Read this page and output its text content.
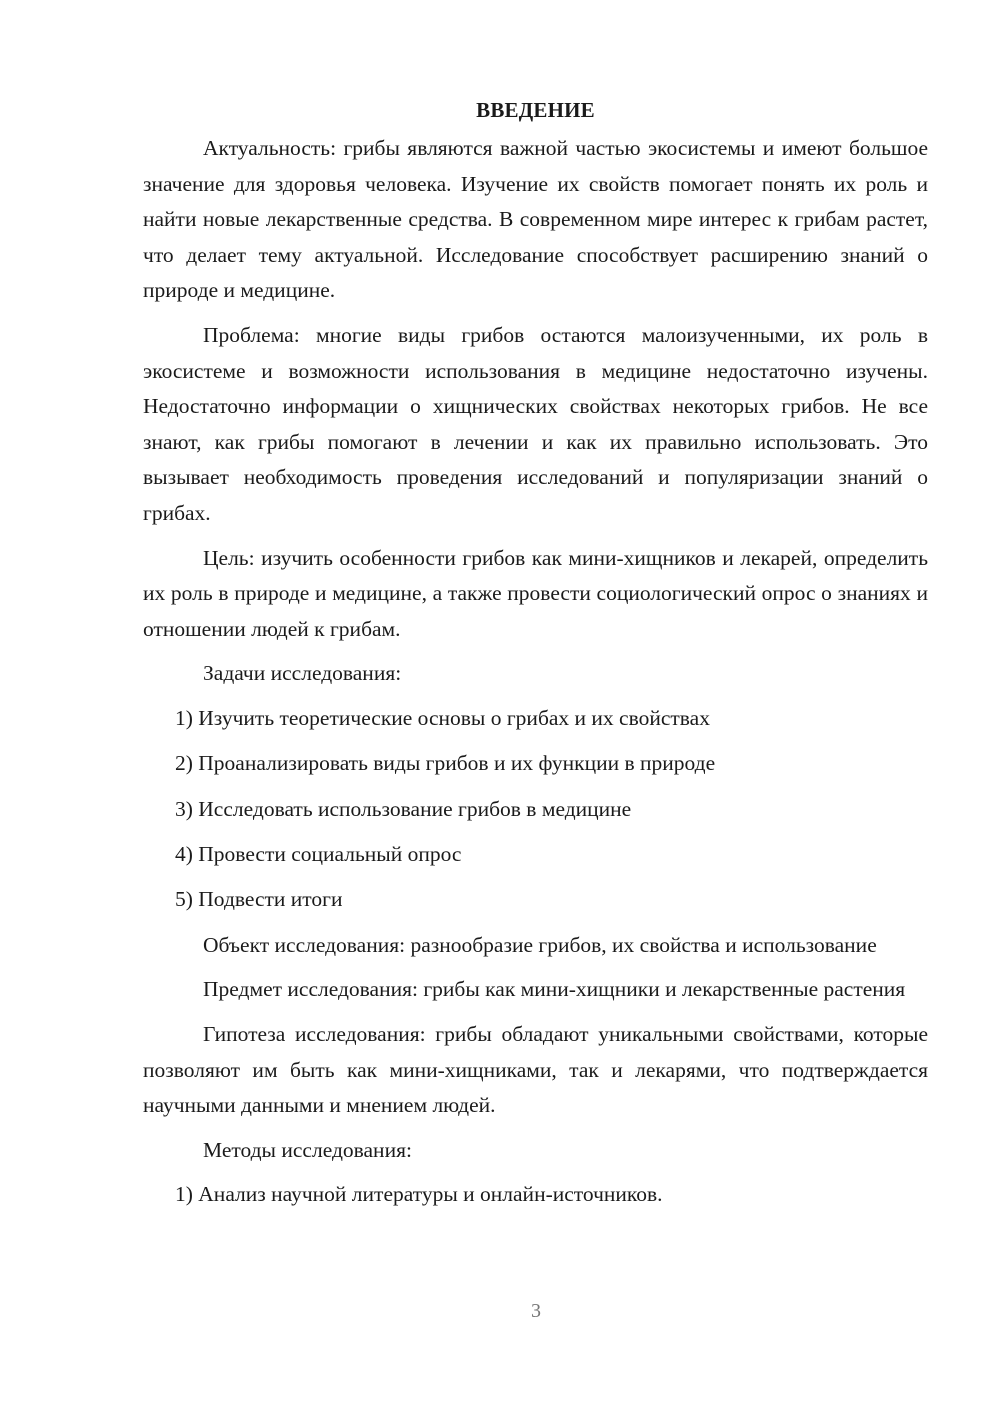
ВВЕДЕНИЕ

Актуальность: грибы являются важной частью экосистемы и имеют большое значение для здоровья человека. Изучение их свойств помогает понять их роль и найти новые лекарственные средства. В современном мире интерес к грибам растет, что делает тему актуальной. Исследование способствует расширению знаний о природе и медицине.

Проблема: многие виды грибов остаются малоизученными, их роль в экосистеме и возможности использования в медицине недостаточно изучены. Недостаточно информации о хищнических свойствах некоторых грибов. Не все знают, как грибы помогают в лечении и как их правильно использовать. Это вызывает необходимость проведения исследований и популяризации знаний о грибах.

Цель: изучить особенности грибов как мини-хищников и лекарей, определить их роль в природе и медицине, а также провести социологический опрос о знаниях и отношении людей к грибам.

Задачи исследования:

1) Изучить теоретические основы о грибах и их свойствах
2) Проанализировать виды грибов и их функции в природе
3) Исследовать использование грибов в медицине
4) Провести социальный опрос
5) Подвести итоги

Объект исследования: разнообразие грибов, их свойства и использование

Предмет исследования: грибы как мини-хищники и лекарственные растения

Гипотеза исследования: грибы обладают уникальными свойствами, которые позволяют им быть как мини-хищниками, так и лекарями, что подтверждается научными данными и мнением людей.

Методы исследования:

1) Анализ научной литературы и онлайн-источников.
3
